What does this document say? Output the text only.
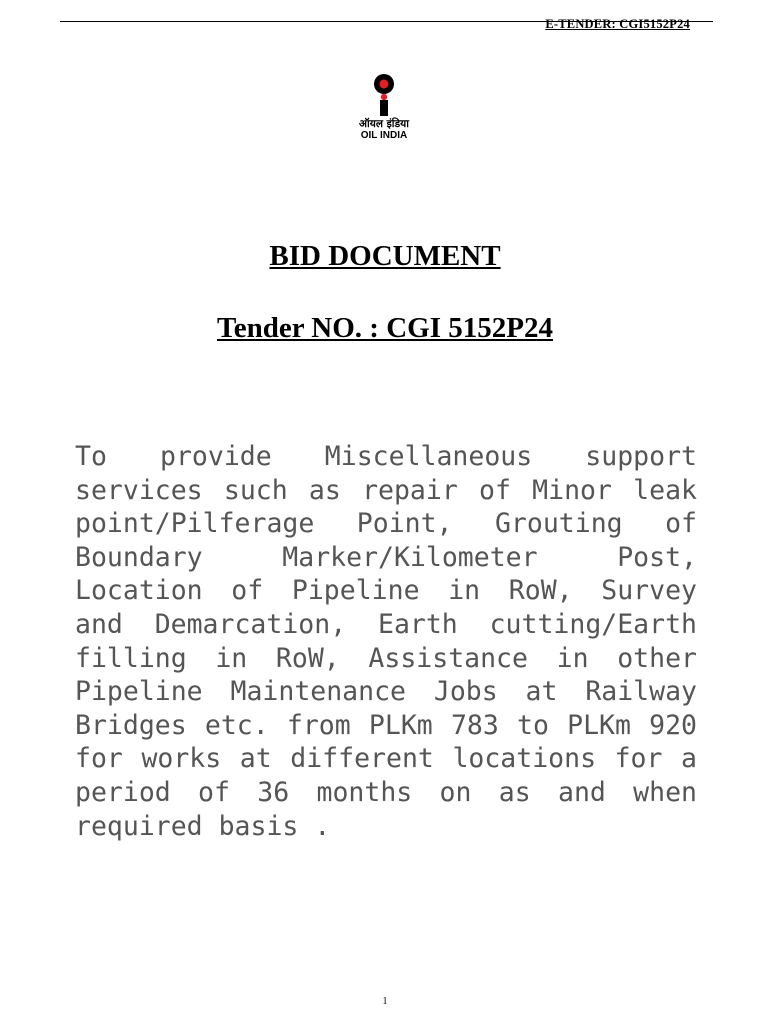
E-TENDER: CGI5152P24
ऑयल इंडिया
OIL INDIA
BID DOCUMENT
Tender NO. : CGI 5152P24
To provide Miscellaneous support services such as repair of Minor leak point/Pilferage Point, Grouting of Boundary Marker/Kilometer Post, Location of Pipeline in RoW, Survey and Demarcation, Earth cutting/Earth filling in RoW, Assistance in other Pipeline Maintenance Jobs at Railway Bridges etc. from PLKm 783 to PLKm 920 for works at different locations for a period of 36 months on as and when required basis .
1
